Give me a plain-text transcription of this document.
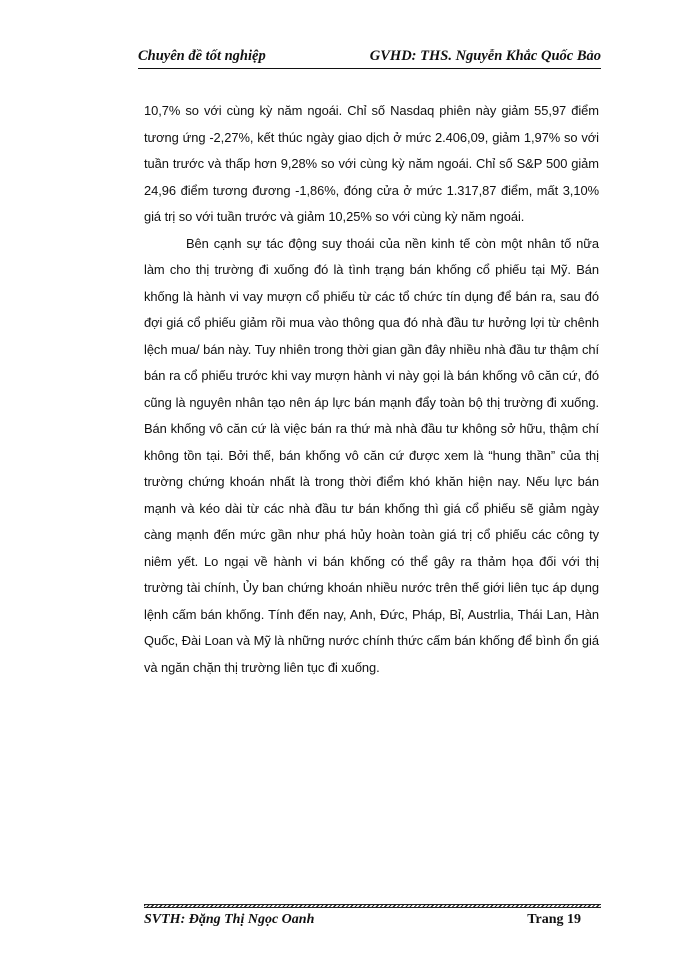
Chuyên đề tốt nghiệp	GVHD: THS. Nguyễn Khắc Quốc Bảo

10,7% so với cùng kỳ năm ngoái. Chỉ số Nasdaq phiên này giảm 55,97 điểm tương ứng -2,27%, kết thúc ngày giao dịch ở mức 2.406,09, giảm 1,97% so với tuần trước và thấp hơn 9,28% so với cùng kỳ năm ngoái. Chỉ số S&P 500 giảm 24,96 điểm tương đương -1,86%, đóng cửa ở mức 1.317,87 điểm, mất 3,10% giá trị so với tuần trước và giảm 10,25% so với cùng kỳ năm ngoái.

Bên cạnh sự tác động suy thoái của nền kinh tế còn một nhân tố nữa làm cho thị trường đi xuống đó là tình trạng bán khống cổ phiếu tại Mỹ. Bán khống là hành vi vay mượn cổ phiếu từ các tổ chức tín dụng để bán ra, sau đó đợi giá cổ phiếu giảm rồi mua vào thông qua đó nhà đầu tư hưởng lợi từ chênh lệch mua/ bán này. Tuy nhiên trong thời gian gần đây nhiều nhà đầu tư thậm chí bán ra cổ phiếu trước khi vay mượn hành vi này gọi là bán khống vô căn cứ, đó cũng là nguyên nhân tạo nên áp lực bán mạnh đẩy toàn bộ thị trường đi xuống. Bán khống vô căn cứ là việc bán ra thứ mà nhà đầu tư không sở hữu, thậm chí không tồn tại. Bởi thế, bán khống vô căn cứ được xem là “hung thần” của thị trường chứng khoán nhất là trong thời điểm khó khăn hiện nay. Nếu lực bán mạnh và kéo dài từ các nhà đầu tư bán khống thì giá cổ phiếu sẽ giảm ngày càng mạnh đến mức gần như phá hủy hoàn toàn giá trị cổ phiếu các công ty niêm yết. Lo ngại về hành vi bán khống có thể gây ra thảm họa đối với thị trường tài chính, Ủy ban chứng khoán nhiều nước trên thế giới liên tục áp dụng lệnh cấm bán khống. Tính đến nay, Anh, Đức, Pháp, Bỉ, Austrlia, Thái Lan, Hàn Quốc, Đài Loan và Mỹ là những nước chính thức cấm bán khống để bình ổn giá và ngăn chặn thị trường liên tục đi xuống.

SVTH: Đặng Thị Ngọc Oanh	Trang 19
